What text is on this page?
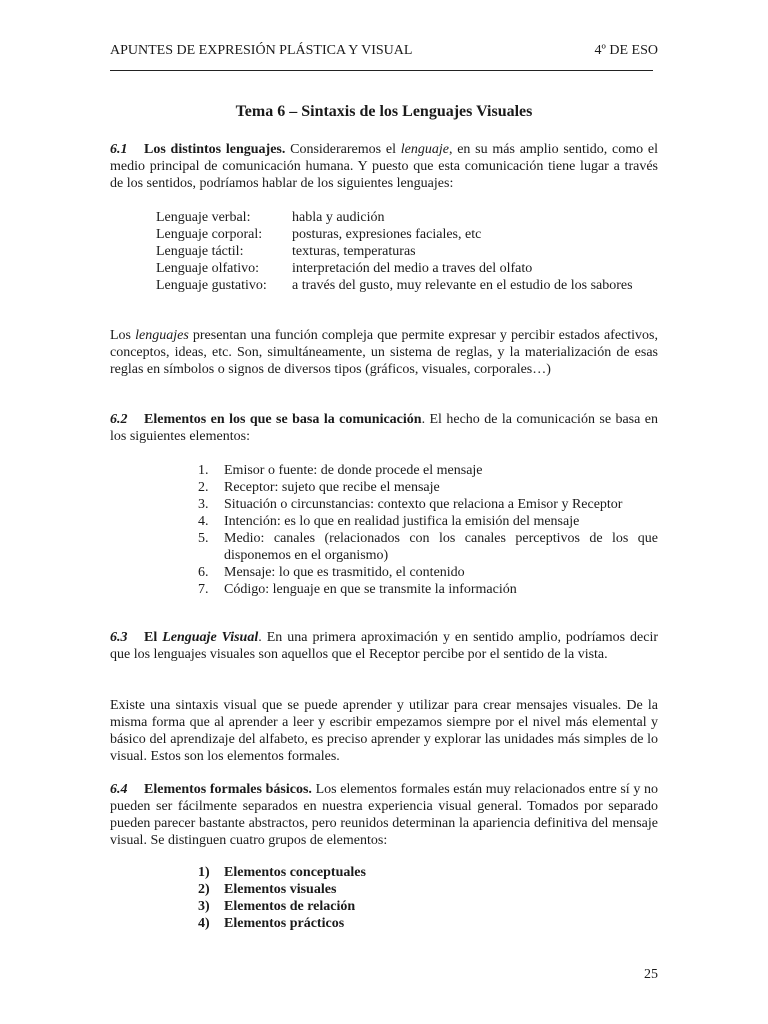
APUNTES DE EXPRESIÓN PLÁSTICA Y VISUAL	4º DE ESO
Tema 6 – Sintaxis de los Lenguajes Visuales
6.1 Los distintos lenguajes. Consideraremos el lenguaje, en su más amplio sentido, como el medio principal de comunicación humana. Y puesto que esta comunicación tiene lugar a través de los sentidos, podríamos hablar de los siguientes lenguajes:
Lenguaje verbal:	habla y audición
Lenguaje corporal:	posturas, expresiones faciales, etc
Lenguaje táctil:	texturas, temperaturas
Lenguaje olfativo:	interpretación del medio a traves del olfato
Lenguaje gustativo:	a través del gusto, muy relevante en el estudio de los sabores
Los lenguajes presentan una función compleja que permite expresar y percibir estados afectivos, conceptos, ideas, etc. Son, simultáneamente, un sistema de reglas, y la materialización de esas reglas en símbolos o signos de diversos tipos (gráficos, visuales, corporales…)
6.2 Elementos en los que se basa la comunicación. El hecho de la comunicación se basa en los siguientes elementos:
1.	Emisor o fuente: de donde procede el mensaje
2.	Receptor: sujeto que recibe el mensaje
3.	Situación o circunstancias: contexto que relaciona a Emisor y Receptor
4.	Intención: es lo que en realidad justifica la emisión del mensaje
5.	Medio: canales (relacionados con los canales perceptivos de los que disponemos en el organismo)
6.	Mensaje: lo que es trasmitido, el contenido
7.	Código: lenguaje en que se transmite la información
6.3 El Lenguaje Visual. En una primera aproximación y en sentido amplio, podríamos decir que los lenguajes visuales son aquellos que el Receptor percibe por el sentido de la vista.
Existe una sintaxis visual que se puede aprender y utilizar para crear mensajes visuales. De la misma forma que al aprender a leer y escribir empezamos siempre por el nivel más elemental y básico del aprendizaje del alfabeto, es preciso aprender y explorar las unidades más simples de lo visual. Estos son los elementos formales.
6.4 Elementos formales básicos. Los elementos formales están muy relacionados entre sí y no pueden ser fácilmente separados en nuestra experiencia visual general. Tomados por separado pueden parecer bastante abstractos, pero reunidos determinan la apariencia definitiva del mensaje visual. Se distinguen cuatro grupos de elementos:
1)	Elementos conceptuales
2)	Elementos visuales
3)	Elementos de relación
4)	Elementos prácticos
25
